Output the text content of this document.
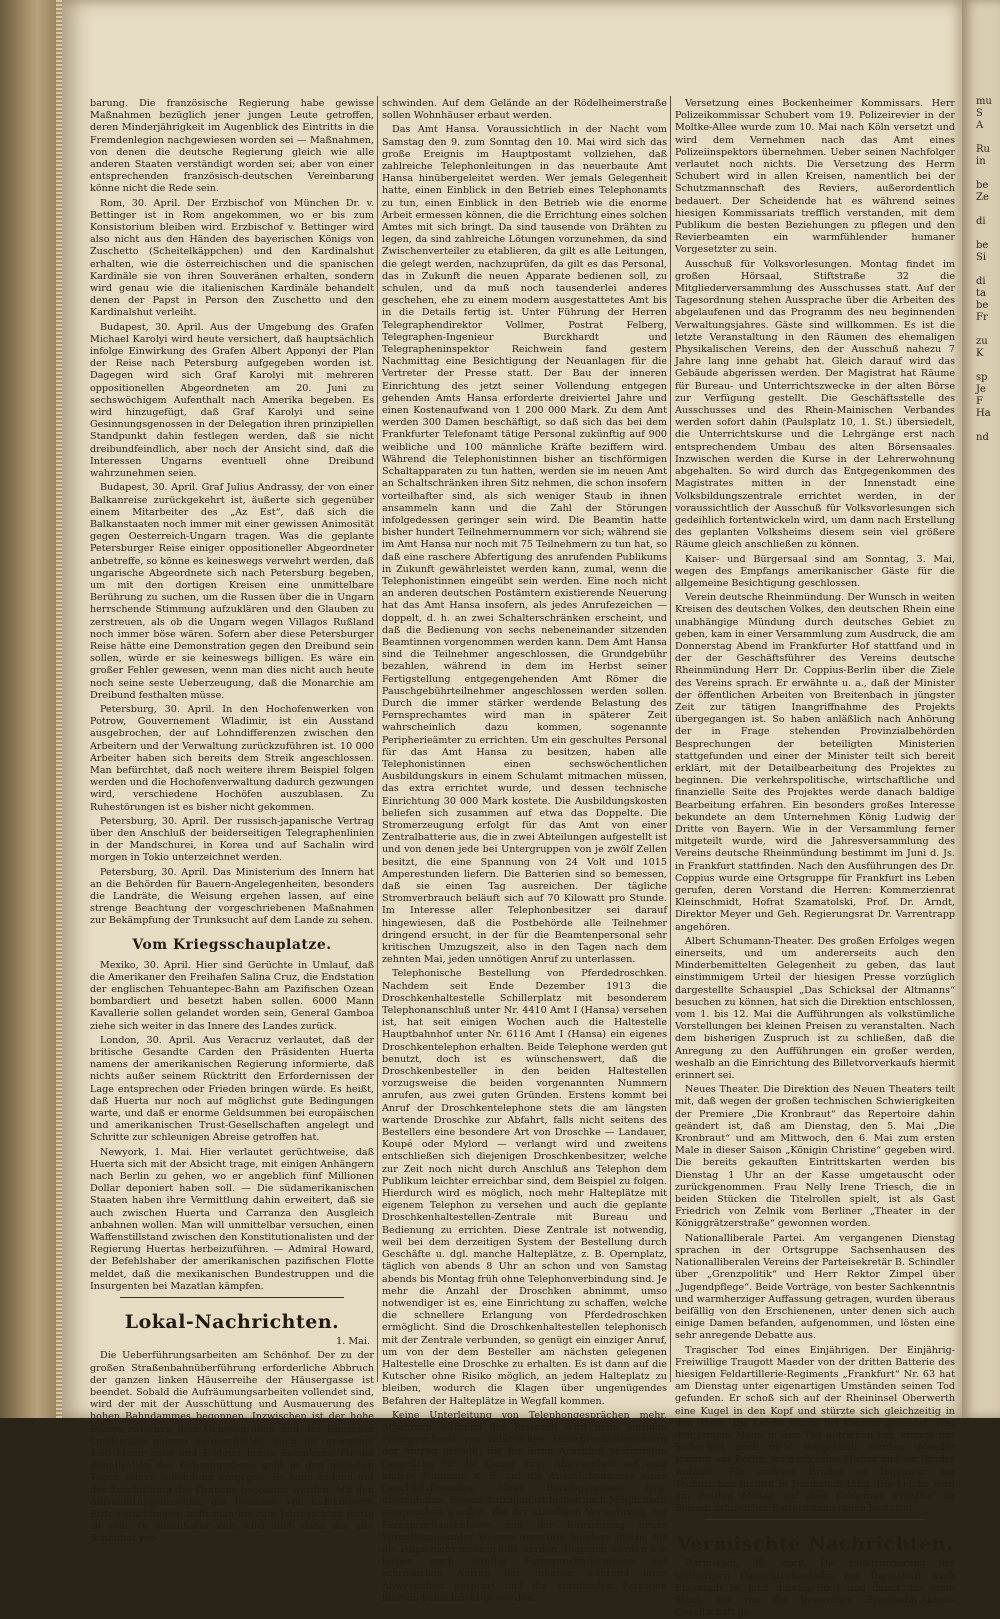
barung. Die französische Regierung habe gewisse Maßnahmen bezüglich jener jungen Leute getroffen, deren Minderjährigkeit im Augenblick des Eintritts in die Fremdenlegion nachgewiesen worden sei — Maßnahmen, von denen die deutsche Regierung gleich wie alle anderen Staaten verständigt worden sei; aber von einer entsprechenden französisch-deutschen Vereinbarung könne nicht die Rede sein.

Rom, 30. April. Der Erzbischof von München Dr. v. Bettinger ist in Rom angekommen, wo er bis zum Konsistorium bleiben wird. Erzbischof v. Bettinger wird also nicht aus den Händen des bayerischen Königs von Zuschetto (Scheitelkäppchen) und den Kardinalshut erhalten, wie die österreichischen und die spanischen Kardinäle sie von ihren Souveränen erhalten, sondern wird genau wie die italienischen Kardinäle behandelt denen der Papst in Person den Zuschetto und den Kardinalshut verleiht.

Budapest, 30. April. Aus der Umgebung des Grafen Michael Karolyi wird heute versichert, daß hauptsächlich infolge Einwirkung des Grafen Albert Apponyi der Plan der Reise nach Petersburg aufgegeben worden ist. Dagegen wird sich Graf Karolyi mit mehreren oppositionellen Abgeordneten am 20. Juni zu sechswöchigem Aufenthalt nach Amerika begeben. Es wird hinzugefügt, daß Graf Karolyi und seine Gesinnungsgenossen in der Delegation ihren prinzipiellen Standpunkt dahin festlegen werden, daß sie nicht dreibundfeindlich, aber noch der Ansicht sind, daß die Interessen Ungarns eventuell ohne Dreibund wahrzunehmen seien.

Budapest, 30. April. Graf Julius Andrassy, der von einer Balkanreise zurückgekehrt ist, äußerte sich gegenüber einem Mitarbeiter des „Az Est“, daß sich die Balkanstaaten noch immer mit einer gewissen Animosität gegen Oesterreich-Ungarn tragen. Was die geplante Petersburger Reise einiger oppositioneller Abgeordneter anbetreffe, so könne es keineswegs verwehrt werden, daß ungarische Abgeordnete sich nach Petersburg begeben, um mit den dortigen Kreisen eine unmittelbare Berührung zu suchen, um die Russen über die in Ungarn herrschende Stimmung aufzuklären und den Glauben zu zerstreuen, als ob die Ungarn wegen Villagos Rußland noch immer böse wären. Sofern aber diese Petersburger Reise hätte eine Demonstration gegen den Dreibund sein sollen, würde er sie keineswegs billigen. Es wäre ein großer Fehler gewesen, wenn man dies nicht auch heute noch seine seste Ueberzeugung, daß die Monarchie am Dreibund festhalten müsse.

Petersburg, 30. April. In den Hochofenwerken von Potrow, Gouvernement Wladimir, ist ein Ausstand ausgebrochen, der auf Lohndifferenzen zwischen den Arbeitern und der Verwaltung zurückzuführen ist. 10 000 Arbeiter haben sich bereits dem Streik angeschlossen. Man befürchtet, daß noch weitere ihrem Beispiel folgen werden und die Hochofenverwaltung dadurch gezwungen wird, verschiedene Hochöfen auszublasen. Zu Ruhestörungen ist es bisher nicht gekommen.

Petersburg, 30. April. Der russisch-japanische Vertrag über den Anschluß der beiderseitigen Telegraphenlinien in der Mandschurei, in Korea und auf Sachalin wird morgen in Tokio unterzeichnet werden.

Petersburg, 30. April. Das Ministerium des Innern hat an die Behörden für Bauern-Angelegenheiten, besonders die Landräte, die Weisung ergehen lassen, auf eine strenge Beachtung der vorgeschriebenen Maßnahmen zur Bekämpfung der Trunksucht auf dem Lande zu sehen.

Vom Kriegsschauplatze.

Mexiko, 30. April. Hier sind Gerüchte in Umlauf, daß die Amerikaner den Freihafen Salina Cruz, die Endstation der englischen Tehuantepec-Bahn am Pazifischen Ozean bombardiert und besetzt haben sollen. 6000 Mann Kavallerie sollen gelandet worden sein, General Gamboa ziehe sich weiter in das Innere des Landes zurück.

London, 30. April. Aus Veracruz verlautet, daß der britische Gesandte Carden den Präsidenten Huerta namens der amerikanischen Regierung informierte, daß nichts außer seinem Rücktritt den Erfordernissen der Lage entsprechen oder Frieden bringen würde. Es heißt, daß Huerta nur noch auf möglichst gute Bedingungen warte, und daß er enorme Geldsummen bei europäischen und amerikanischen Trust-Gesellschaften angelegt und Schritte zur schleunigen Abreise getroffen hat.

Newyork, 1. Mai. Hier verlautet gerüchtweise, daß Huerta sich mit der Absicht trage, mit einigen Anhängern nach Berlin zu gehen, wo er angeblich fünf Millionen Dollar deponiert haben soll. — Die südamerikanischen Staaten haben ihre Vermittlung dahin erweitert, daß sie auch zwischen Huerta und Carranza den Ausgleich anbahnen wollen. Man will unmittelbar versuchen, einen Waffenstillstand zwischen den Konstitutionalisten und der Regierung Huertas herbeizuführen. — Admiral Howard, der Befehlshaber der amerikanischen pazifischen Flotte meldet, daß die mexikanischen Bundestruppen und die Insurgenten bei Mazatlan kämpfen.

Lokal-Nachrichten.
1. Mai.

Die Ueberführungsarbeiten am Schönhof. Der zu der großen Straßenbahnüberführung erforderliche Abbruch der ganzen linken Häuserreihe der Häusergasse ist beendet. Sobald die Aufräumungsarbeiten vollendet sind, wird der mit der Ausschüttung und Ausmauerung des hohen Bahndammes begonnen. Inzwischen ist der hohe Damm zwischen dem Ochsengraben und der Hausener Landstraße nahezu aufgeschüttet, auch die gewaltige 3,50 Meter hohe und 2 Meter breite Betonkanal für die Kanalisation des Ochsengrabens geht in den nächsten Tagen seiner Vollendung entgegen. Es kann sodann mit der Zuschüttung des Grabens begonnen werden. Mit den Aufschüttungsarbeiten, die Tausende von Kubikmetern Erde verschlingen, hofft man bis zum Jahresschluß fertig zu sein. In absehbarer Zeit wird auch dann der alte Schönhof ver-

schwinden. Auf dem Gelände an der Rödelheimerstraße sollen Wohnhäuser erbaut werden.

Das Amt Hansa. Voraussichtlich in der Nacht vom Samstag den 9. zum Sonntag den 10. Mai wird sich das große Ereignis im Hauptpostamt vollziehen, daß zahlreiche Telephonleitungen in das neuerbaute Amt Hansa hinübergeleitet werden. Wer jemals Gelegenheit hatte, einen Einblick in den Betrieb eines Telephonamts zu tun, einen Einblick in den Betrieb wie die enorme Arbeit ermessen können, die die Errichtung eines solchen Amtes mit sich bringt. Da sind tausende von Drähten zu legen, da sind zahlreiche Lötungen vorzunehmen, da sind Zwischenverteiler zu etablieren, da gilt es alle Leitungen, die gelegt werden, nachzuprüfen, da gilt es das Personal, das in Zukunft die neuen Apparate bedienen soll, zu schulen, und da muß noch tausenderlei anderes geschehen, ehe zu einem modern ausgestattetes Amt bis in die Details fertig ist. Unter Führung der Herren Telegraphendirektor Vollmer, Postrat Felberg, Telegraphen-Ingenieur Burckhardt und Telegrapheninspektor Reichwein fand gestern Nachmittag eine Besichtigung der Neuanlagen für die Vertreter der Presse statt. Der Bau der inneren Einrichtung des jetzt seiner Vollendung entgegen gehenden Amts Hansa erforderte dreiviertel Jahre und einen Kostenaufwand von 1 200 000 Mark. Zu dem Amt werden 300 Damen beschäftigt, so daß sich das bei dem Frankfurter Telefonamt tätige Personal zukünftig auf 900 weibliche und 100 männliche Kräfte beziffern wird. Während die Telephonistinnen bisher an tischförmigen Schaltapparaten zu tun hatten, werden sie im neuen Amt an Schaltschränken ihren Sitz nehmen, die schon insofern vorteilhafter sind, als sich weniger Staub in ihnen ansammeln kann und die Zahl der Störungen infolgedessen geringer sein wird. Die Beamtin hatte bisher hundert Teilnehmernummern vor sich; während sie im Amt Hansa nur noch mit 75 Teilnehmern zu tun hat, so daß eine raschere Abfertigung des anrufenden Publikums in Zukunft gewährleistet werden kann, zumal, wenn die Telephonistinnen eingeübt sein werden. Eine noch nicht an anderen deutschen Postämtern existierende Neuerung hat das Amt Hansa insofern, als jedes Anrufezeichen — doppelt, d. h. an zwei Schalterschränken erscheint, und daß die Bedienung von sechs nebeneinander sitzenden Beamtinnen vorgenommen werden kann. Dem Amt Hansa sind die Teilnehmer angeschlossen, die Grundgebühr bezahlen, während in dem im Herbst seiner Fertigstellung entgegengehenden Amt Römer die Pauschgebührteilnehmer angeschlossen werden sollen. Durch die immer stärker werdende Belastung des Fernsprechamtes wird man in späterer Zeit wahrscheinlich dazu kommen, sogenannte Peripherieämter zu errichten. Um ein geschultes Personal für das Amt Hansa zu besitzen, haben alle Telephonistinnen einen sechswöchentlichen Ausbildungskurs in einem Schulamt mitmachen müssen, das extra errichtet wurde, und dessen technische Einrichtung 30 000 Mark kostete. Die Ausbildungskosten beliefen sich zusammen auf etwa das Doppelte. Die Stromerzeugung erfolgt für das Amt von einer Zentralbatterie aus, die in zwei Abteilungen aufgestellt ist und von denen jede bei Untergruppen von je zwölf Zellen besitzt, die eine Spannung von 24 Volt und 1015 Amperestunden liefern. Die Batterien sind so bemessen, daß sie einen Tag ausreichen. Der tägliche Stromverbrauch beläuft sich auf 70 Kilowatt pro Stunde. Im Interesse aller Telephonbesitzer sei darauf hingewiesen, daß die Postbehörde alle Teilnehmer dringend ersucht, in der für die Beamtenpersonal sehr kritischen Umzugszeit, also in den Tagen nach dem zehnten Mai, jeden unnötigen Anruf zu unterlassen.

Telephonische Bestellung von Pferdedroschken. Nachdem seit Ende Dezember 1913 die Droschkenhaltestelle Schillerplatz mit besonderem Telephonanschluß unter Nr. 4410 Amt I (Hansa) versehen ist, hat seit einigen Wochen auch die Haltestelle Hauptbahnhof unter Nr. 6116 Amt I (Hansa) ein eigenes Droschkentelephon erhalten. Beide Telephone werden gut benutzt, doch ist es wünschenswert, daß die Droschkenbesteller in den beiden Haltestellen vorzugsweise die beiden vorgenannten Nummern anrufen, aus zwei guten Gründen. Erstens kommt bei Anruf der Droschkentelephone stets die am längsten wartende Droschke zur Abfahrt, falls nicht seitens des Bestellers eine besondere Art von Droschke — Landauer, Koupé oder Mylord — verlangt wird und zweitens entschließen sich diejenigen Droschkenbesitzer, welche zur Zeit noch nicht durch Anschluß ans Telephon dem Publikum leichter erreichbar sind, dem Beispiel zu folgen. Hierdurch wird es möglich, noch mehr Halteplätze mit eigenem Telephon zu versehen und auch die geplante Droschkenhaltestellen-Zentrale mit Bureau und Bedienung zu errichten. Diese Zentrale ist notwendig, weil bei dem derzeitigen System der Bestellung durch Geschäfte u. dgl. manche Halteplätze, z. B. Opernplatz, täglich von abends 8 Uhr an schon und von Samstag abends bis Montag früh ohne Telephonverbindung sind. Je mehr die Anzahl der Droschken abnimmt, umso notwendiger ist es, eine Einrichtung zu schaffen, welche die schnellere Erlangung von Pferdedroschken ermöglicht. Sind die Droschkenhaltestellen telephonisch mit der Zentrale verbunden, so genügt ein einziger Anruf, um von der dem Besteller am nächsten gelegenen Haltestelle eine Droschke zu erhalten. Es ist dann auf die Kutscher ohne Risiko möglich, an jedem Halteplatz zu bleiben, wodurch die Klagen über ungenügendes Befahren der Halteplätze in Wegfall kommen.

Keine Unterleitung von Telephongesprächen mehr. Alljährlich während der Reisezeit wird beim hiesigen Fernsprechamt von zahlreichen Fernsprechteilnehmern der Antrag gestellt, die für ihren Anschluß bestimmten Gespräche für die Dauer ihrer Abwesenheit auf eine andere Nummer, z. B. auf die Anschlußnummer eines Geschäftsfreundes, eines Berufsgenossen usw. überzuleiten. Diesen Anträgen ist bisher nach Möglichkeit entsprochen worden. Bei der ständigen Vermehrung der Fernsprechanschlüsse und der Einrichtung neuer Vermittlungsämter können derartige Sonderwünsche für die Folge nicht mehr erfüllt werden. Dagegen werden wie bisher auch künftig Fernsprechanschlüsse auf schriftlichen Antrag der Inhaber während ihrer Abwesenheit gesperrt und die anrufenden Personen hiervon benachrichtigt werden.

Versetzung eines Bockenheimer Kommissars. Herr Polizeikommissar Schubert vom 19. Polizeirevier in der Moltke-Allee wurde zum 10. Mai nach Köln versetzt und wird dem Vernehmen nach das Amt eines Polizeiinspektors übernehmen. Ueber seinen Nachfolger verlautet noch nichts. Die Versetzung des Herrn Schubert wird in allen Kreisen, namentlich bei der Schutzmannschaft des Reviers, außerordentlich bedauert. Der Scheidende hat es während seines hiesigen Kommissariats trefflich verstanden, mit dem Publikum die besten Beziehungen zu pflegen und den Revierbeamten ein warmfühlender humaner Vorgesetzter zu sein.

Ausschuß für Volksvorlesungen. Montag findet im großen Hörsaal, Stiftstraße 32 die Mitgliederversammlung des Ausschusses statt. Auf der Tagesordnung stehen Aussprache über die Arbeiten des abgelaufenen und das Programm des neu beginnenden Verwaltungsjahres. Gäste sind willkommen. Es ist die letzte Veranstaltung in den Räumen des ehemaligen Physikalischen Vereins, den der Ausschuß nahezu 7 Jahre lang inne gehabt hat. Gleich darauf wird das Gebäude abgerissen werden. Der Magistrat hat Räume für Bureau- und Unterrichtszwecke in der alten Börse zur Verfügung gestellt. Die Geschäftsstelle des Ausschusses und des Rhein-Mainischen Verbandes werden sofort dahin (Paulsplatz 10, 1. St.) übersiedelt, die Unterrichtskurse und die Lehrgänge erst nach entsprechendem Umbau des alten Börsensaales. Inzwischen werden die Kurse in der Lehrerwohnung abgehalten. So wird durch das Entgegenkommen des Magistrates mitten in der Innenstadt eine Volksbildungszentrale errichtet werden, in der voraussichtlich der Ausschuß für Volksvorlesungen sich gedeihlich fortentwickeln wird, um dann nach Erstellung des geplanten Volksheims diesem sein viel größere Räume gleich anschließen zu können.

Kaiser- und Bürgersaal sind am Sonntag, 3. Mai, wegen des Empfangs amerikanischer Gäste für die allgemeine Besichtigung geschlossen.

Verein deutsche Rheinmündung. Der Wunsch in weiten Kreisen des deutschen Volkes, den deutschen Rhein eine unabhängige Mündung durch deutsches Gebiet zu geben, kam in einer Versammlung zum Ausdruck, die am Donnerstag Abend im Frankfurter Hof stattfand und in der der Geschäftsführer des Vereins deutsche Rheinmündung Herr Dr. Coppius-Berlin über die Ziele des Vereins sprach. Er erwähnte u. a., daß der Minister der öffentlichen Arbeiten von Breitenbach in jüngster Zeit zur tätigen Inangriffnahme des Projekts übergegangen ist. So haben anläßlich nach Anhörung der in Frage stehenden Provinzialbehörden Besprechungen der beteiligten Ministerien stattgefunden und einer der Minister teilt sich bereit erklärt, mit der Detailbearbeitung des Projektes zu beginnen. Die verkehrspolitische, wirtschaftliche und finanzielle Seite des Projektes werde danach baldige Bearbeitung erfahren. Ein besonders großes Interesse bekundete an dem Unternehmen König Ludwig der Dritte von Bayern. Wie in der Versammlung ferner mitgeteilt wurde, wird die Jahresversammlung des Vereins deutsche Rheinmündung bestimmt im Juni d. Js. in Frankfurt stattfinden. Nach den Ausführungen des Dr. Coppius wurde eine Ortsgruppe für Frankfurt ins Leben gerufen, deren Vorstand die Herren: Kommerzienrat Kleinschmidt, Hofrat Szamatolski, Prof. Dr. Arndt, Direktor Meyer und Geh. Regierungsrat Dr. Varrentrapp angehören.

Albert Schumann-Theater. Des großen Erfolges wegen einerseits, und um andererseits auch den Minderbemittelten Gelegenheit zu geben, das laut einstimmigem Urteil der hiesigen Presse vorzüglich dargestellte Schauspiel „Das Schicksal der Altmanns“ besuchen zu können, hat sich die Direktion entschlossen, vom 1. bis 12. Mai die Aufführungen als volkstümliche Vorstellungen bei kleinen Preisen zu veranstalten. Nach dem bisherigen Zuspruch ist zu schließen, daß die Anregung zu den Aufführungen ein großer werden, weshalb an die Einrichtung des Billetvorverkaufs hiermit erinnert sei.

Neues Theater. Die Direktion des Neuen Theaters teilt mit, daß wegen der großen technischen Schwierigkeiten der Premiere „Die Kronbraut“ das Repertoire dahin geändert ist, daß am Dienstag, den 5. Mai „Die Kronbraut“ und am Mittwoch, den 6. Mai zum ersten Male in dieser Saison „Königin Christine“ gegeben wird. Die bereits gekauften Eintrittskarten werden bis Dienstag 1 Uhr an der Kasse umgetauscht oder zurückgenommen. Frau Nelly Irene Triesch, die in beiden Stücken die Titelrollen spielt, ist als Gast Friedrich von Zelnik vom Berliner „Theater in der Königgrätzerstraße“ gewonnen worden.

Nationalliberale Partei. Am vergangenen Dienstag sprachen in der Ortsgruppe Sachsenhausen des Nationalliberalen Vereins der Parteisekretär B. Schindler über „Grenzpolitik“ und Herr Rektor Zimpel über „Jugendpflege“. Beide Vorträge, von bester Sachkenntnis und warmherziger Auffassung getragen, wurden überaus beifällig von den Erschienenen, unter denen sich auch einige Damen befanden, aufgenommen, und lösten eine sehr anregende Debatte aus.

Tragischer Tod eines Einjährigen. Der Einjährig-Freiwillige Traugott Maeder von der dritten Batterie des hiesigen Feldartillerie-Regiments „Frankfurt“ Nr. 63 hat am Dienstag unter eigenartigen Umständen seinen Tod gefunden. Er schoß sich auf der Rheininsel Oberwerth eine Kugel in den Kopf und stürzte sich gleichzeitig in den Rhein. Die Leiche wurde bei Koblenz geländet. Was den jungen Mann in den Tod getrieben hat, konnte mit Sicherheit noch nicht festgestellt werden. Maeder stammt aus Berlin, wo noch seine Mutter und ein Bruder wohnen. Ein anderer Bruder ist Ingenieur am Technischen Institut in Darmstadt tätig. Die Leiche wird am Freitag Mittag auf dem Koblenzer Friedhof im Beisein zahlreicher Batteriekameraden bestattet.

Vermischte Nachrichten.

Darmstadt, 30. April. Die Elektrifizierung der seitherigen Dampfstraßenbahn von Darmstadt nach Eberstadt ist jetzt durchgeführt und damit das erste Stück des von der hessischen Eisenbahn-Aktien-Gesellschaft ge-

mu
S
A

Ru
in

be
Ze

di

be
Si

di
ta
be
Fr

zu
K

sp
Je
F
Ha

nd
